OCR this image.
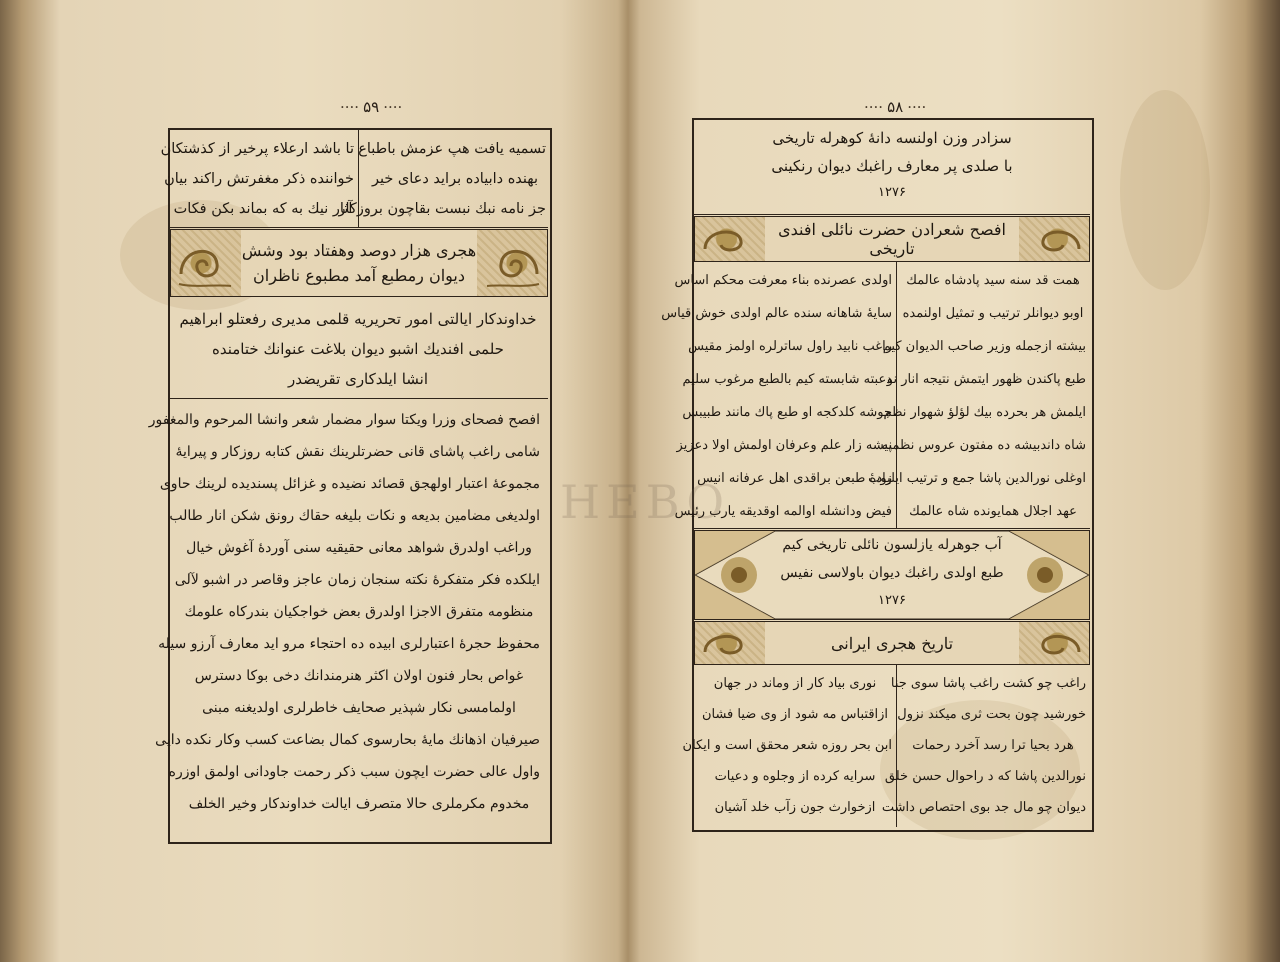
···· ۵۹ ····
تسمیه یافت هپ عزمش باطباع
بهنده دابیاده براید دعای خیر
جز نامه نبك نبست بقاچون بروزکار
تا باشد ارعلاء پرخیر از کذشتکان
خواننده ذکر مغفرتش راکند بیان
آثار نیك به كه بماند بكن فکات
هجری هزار دوصد وهفتاد بود وشش
دیوان رمطبع آمد مطبوع ناظران
خداوندکار ایالتی امور تحریریه قلمی مدیری رفعتلو ابراهیم
حلمی افندیك اشبو دیوان بلاغت عنوانك ختامنده
انشا ایلدکاری تقریضدر
افصح فصحای وزرا ویکتا سوار مضمار شعر وانشا المرحوم والمغفور
شامی راغب پاشای قانی حضرتلرینك نقش کتابه روزکار و پیرایهٔ
مجموعهٔ اعتبار اولهجق قصائد نضیده و غزائل پسندیده لرینك حاوی
اولدیغی مضامین بدیعه و نکات بلیغه حقاك رونق شکن انار طالب
وراغب اولدرق شواهد معانی حقیقیه سنی آوردهٔ آغوش خیال
ایلکده فکر متفکرهٔ نکته سنجان زمان عاجز وقاصر در اشبو لآلی
منظومه متفرق الاجزا اولدرق بعض خواجکیان بندرکاه علومك
محفوظ حجرهٔ اعتبارلری ابیده ده احتجاء مرو اید معارف آرزو سیله
غواص بحار فنون اولان اکثر هنرمندانك دخی بوکا دسترس
اولمامسی نکار شپذیر صحایف خاطرلری اولدیغنه مبنی
صیرفیان اذهانك مایهٔ بحارسوی کمال بضاعت کسب وکار نکده دایی
واول عالی حضرت ایچون سبب ذکر رحمت جاودانی اولمق اوزره
مخدوم مکرملری حالا متصرف ایالت خداوندکار وخیر الخلف
···· ۵۸ ····
سزادر وزن اولنسه دانهٔ کوهرله تاریخی
با صلدی پر معارف راغبك دیوان رنکینی
۱۲۷۶
افصح شعرادن حضرت نائلی افندی تاریخی
همت قد سنه سید پادشاه عالمك
اوبو دیوانلر ترتیب و تمثیل اولنمده
بیشته ازجمله وزیر صاحب الدیوان کیم
طبع پاکندن ظهور ایتمش نتیجه انار نو
ایلمش هر بحرده بیك لؤلؤ شهوار نظم
شاه داندبیشه ده مفتون عروس نظمنه
اوغلی نورالدین پاشا جمع و ترتیب ایلیوب
عهد اجلال همایونده شاه عالمك
اولدی عصرنده بناء معرفت محکم اساس
سایهٔ شاهانه سنده عالم اولدی خوش قیاس
راغب نابید راول ساترلره اولمز مقیس
دعبته شابسته کیم بالطبع مرغوب سلیم
جوشه کلدکجه او طبع پاك مانند طبیبس
پیشه زار علم وعرفان اولمش اولا دعزیز
زادهٔ طبعن براقدی اهل عرفانه انیس
فیض ودانشله اوالمه اوقدیقه یارب رئیس
آب جوهرله یازلسون نائلی تاریخی کیم
طبع اولدی راغبك دیوان باولاسی نفیس
۱۲۷۶
تاریخ هجری ایرانی
راغب چو کشت راغب پاشا سوی جنا
خورشید چون بحت ثری میکند نزول
هرد بحیا ترا رسد آخرد رحمات
نورالدین پاشا که د راحوال حسن خلق
دیوان چو مال جد بوی احتصاص داشت
نوری بیاد کار از وماند در جهان
ازاقتباس مه شود از وی ضیا فشان
ابن بحر روزه شعر محقق است و ایکان
سرایه کرده از وجلوه و دعیات
ازخوارث جون زآب خلد آشیان
HEBO
